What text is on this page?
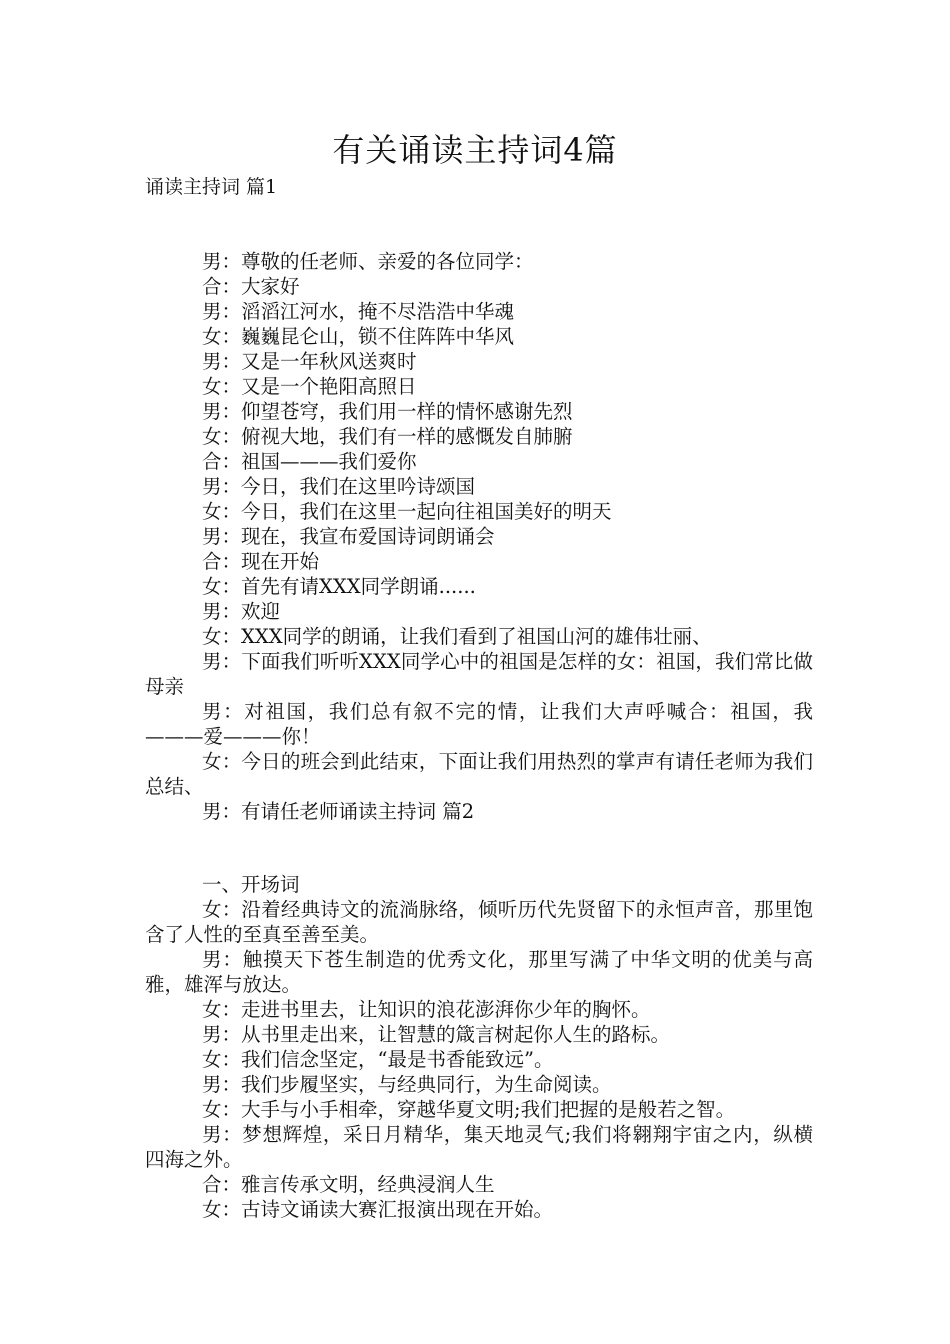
有关诵读主持词4篇
诵读主持词 篇1

男：尊敬的任老师、亲爱的各位同学：

合：大家好

男：滔滔江河水，掩不尽浩浩中华魂

女：巍巍昆仑山，锁不住阵阵中华风

男：又是一年秋风送爽时

女：又是一个艳阳高照日

男：仰望苍穹，我们用一样的情怀感谢先烈

女：俯视大地，我们有一样的感慨发自肺腑

合：祖国———我们爱你

男：今日，我们在这里吟诗颂国

女：今日，我们在这里一起向往祖国美好的明天

男：现在，我宣布爱国诗词朗诵会

合：现在开始

女：首先有请XXX同学朗诵......

男：欢迎

女：XXX同学的朗诵，让我们看到了祖国山河的雄伟壮丽、

男：下面我们听听XXX同学心中的祖国是怎样的女：祖国，我们常比做母亲

男：对祖国，我们总有叙不完的情，让我们大声呼喊合：祖国，我———爱———你！

女：今日的班会到此结束，下面让我们用热烈的掌声有请任老师为我们总结、

男：有请任老师诵读主持词 篇2

一、开场词

女：沿着经典诗文的流淌脉络，倾听历代先贤留下的永恒声音，那里饱含了人性的至真至善至美。

男：触摸天下苍生制造的优秀文化，那里写满了中华文明的优美与高雅，雄浑与放达。

女：走进书里去，让知识的浪花澎湃你少年的胸怀。

男：从书里走出来，让智慧的箴言树起你人生的路标。

女：我们信念坚定，“最是书香能致远”。

男：我们步履坚实，与经典同行，为生命阅读。

女：大手与小手相牵，穿越华夏文明;我们把握的是般若之智。

男：梦想辉煌，采日月精华，集天地灵气;我们将翱翔宇宙之内，纵横四海之外。

合：雅言传承文明，经典浸润人生

女：古诗文诵读大赛汇报演出现在开始。
